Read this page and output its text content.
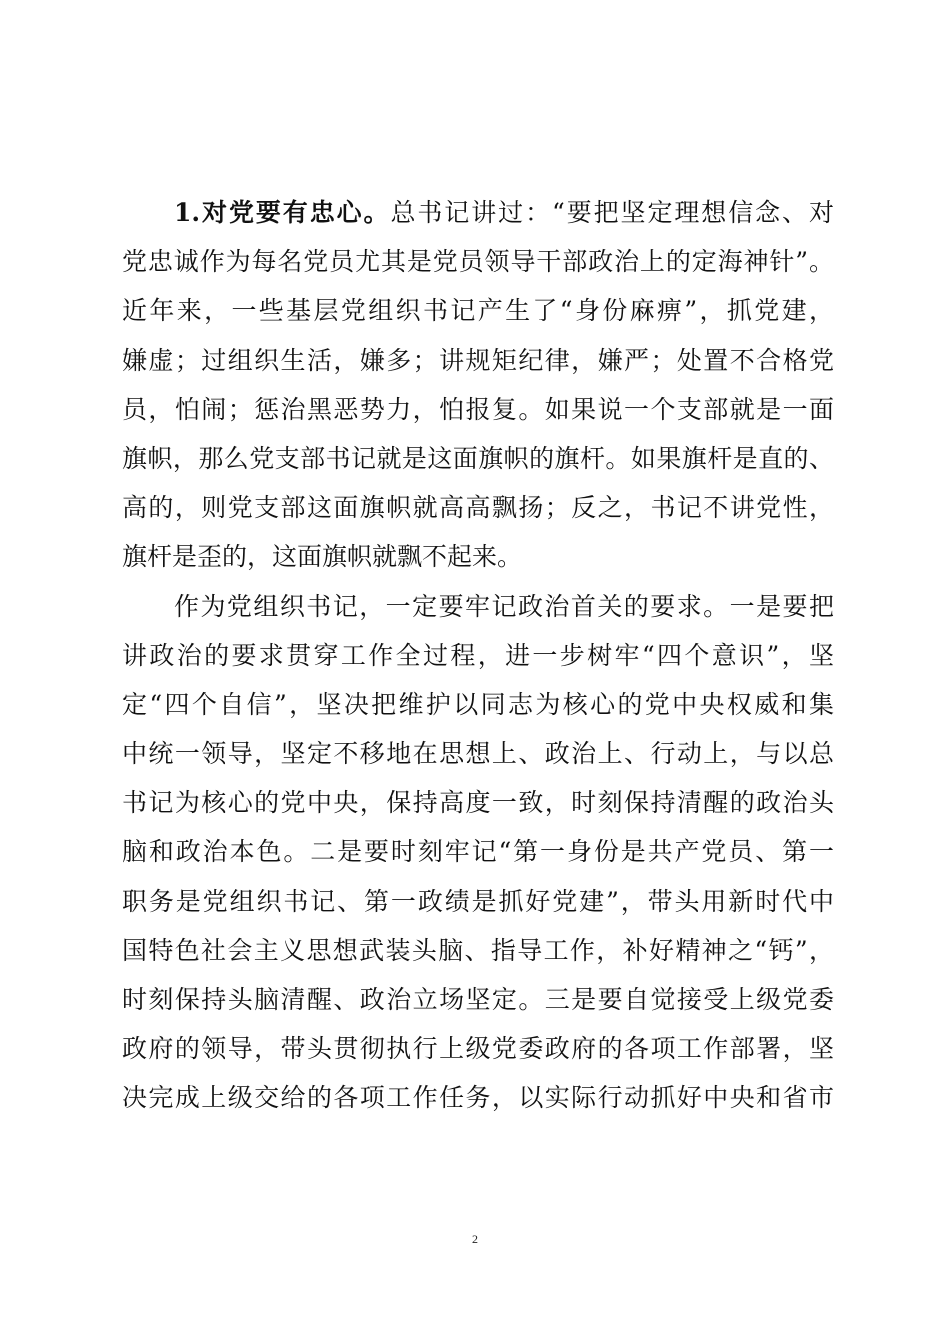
1.对党要有忠心。总书记讲过：“要把坚定理想信念、对
党忠诚作为每名党员尤其是党员领导干部政治上的定海神针”。
近年来，一些基层党组织书记产生了“身份麻痹”，抓党建，
嫌虚；过组织生活，嫌多；讲规矩纪律，嫌严；处置不合格党
员，怕闹；惩治黑恶势力，怕报复。如果说一个支部就是一面
旗帜，那么党支部书记就是这面旗帜的旗杆。如果旗杆是直的、
高的，则党支部这面旗帜就高高飘扬；反之，书记不讲党性，
旗杆是歪的，这面旗帜就飘不起来。
作为党组织书记，一定要牢记政治首关的要求。一是要把
讲政治的要求贯穿工作全过程，进一步树牢“四个意识”，坚
定“四个自信”，坚决把维护以同志为核心的党中央权威和集
中统一领导，坚定不移地在思想上、政治上、行动上，与以总
书记为核心的党中央，保持高度一致，时刻保持清醒的政治头
脑和政治本色。二是要时刻牢记“第一身份是共产党员、第一
职务是党组织书记、第一政绩是抓好党建”，带头用新时代中
国特色社会主义思想武装头脑、指导工作，补好精神之“钙”，
时刻保持头脑清醒、政治立场坚定。三是要自觉接受上级党委
政府的领导，带头贯彻执行上级党委政府的各项工作部署，坚
决完成上级交给的各项工作任务，以实际行动抓好中央和省市
2
